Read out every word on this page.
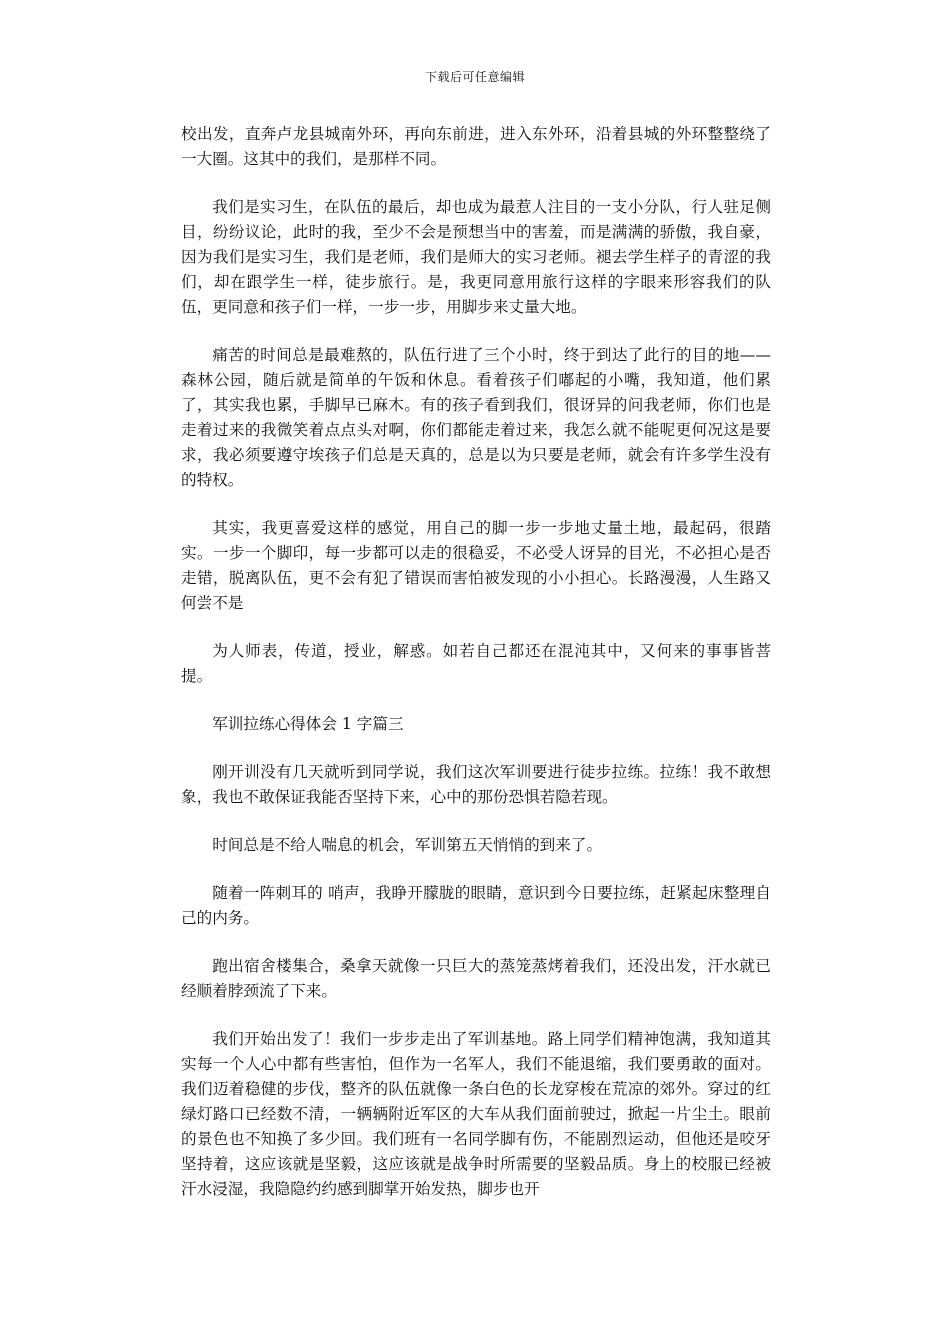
下载后可任意编辑

校出发，直奔卢龙县城南外环，再向东前进，进入东外环，沿着县城的外环整整绕了一大圈。这其中的我们，是那样不同。

我们是实习生，在队伍的最后，却也成为最惹人注目的一支小分队，行人驻足侧目，纷纷议论，此时的我，至少不会是预想当中的害羞，而是满满的骄傲，我自豪，因为我们是实习生，我们是老师，我们是师大的实习老师。褪去学生样子的青涩的我们，却在跟学生一样，徒步旅行。是，我更同意用旅行这样的字眼来形容我们的队伍，更同意和孩子们一样，一步一步，用脚步来丈量大地。

痛苦的时间总是最难熬的，队伍行进了三个小时，终于到达了此行的目的地——森林公园，随后就是简单的午饭和休息。看着孩子们嘟起的小嘴，我知道，他们累了，其实我也累，手脚早已麻木。有的孩子看到我们，很讶异的问我老师，你们也是走着过来的我微笑着点点头对啊，你们都能走着过来，我怎么就不能呢更何况这是要求，我必须要遵守埃孩子们总是天真的，总是以为只要是老师，就会有许多学生没有的特权。

其实，我更喜爱这样的感觉，用自己的脚一步一步地丈量土地，最起码，很踏实。一步一个脚印，每一步都可以走的很稳妥，不必受人讶异的目光，不必担心是否走错，脱离队伍，更不会有犯了错误而害怕被发现的小小担心。长路漫漫，人生路又何尝不是

为人师表，传道，授业，解惑。如若自己都还在混沌其中，又何来的事事皆菩提。

军训拉练心得体会 1 字篇三

刚开训没有几天就听到同学说，我们这次军训要进行徒步拉练。拉练！我不敢想象，我也不敢保证我能否坚持下来，心中的那份恐惧若隐若现。

时间总是不给人喘息的机会，军训第五天悄悄的到来了。

随着一阵刺耳的 哨声，我睁开朦胧的眼睛，意识到今日要拉练，赶紧起床整理自己的内务。

跑出宿舍楼集合，桑拿天就像一只巨大的蒸笼蒸烤着我们，还没出发，汗水就已经顺着脖颈流了下来。

我们开始出发了！我们一步步走出了军训基地。路上同学们精神饱满，我知道其实每一个人心中都有些害怕，但作为一名军人，我们不能退缩，我们要勇敢的面对。我们迈着稳健的步伐，整齐的队伍就像一条白色的长龙穿梭在荒凉的郊外。穿过的红绿灯路口已经数不清，一辆辆附近军区的大车从我们面前驶过，掀起一片尘土。眼前的景色也不知换了多少回。我们班有一名同学脚有伤，不能剧烈运动，但他还是咬牙坚持着，这应该就是坚毅，这应该就是战争时所需要的坚毅品质。身上的校服已经被汗水浸湿，我隐隐约约感到脚掌开始发热，脚步也开
